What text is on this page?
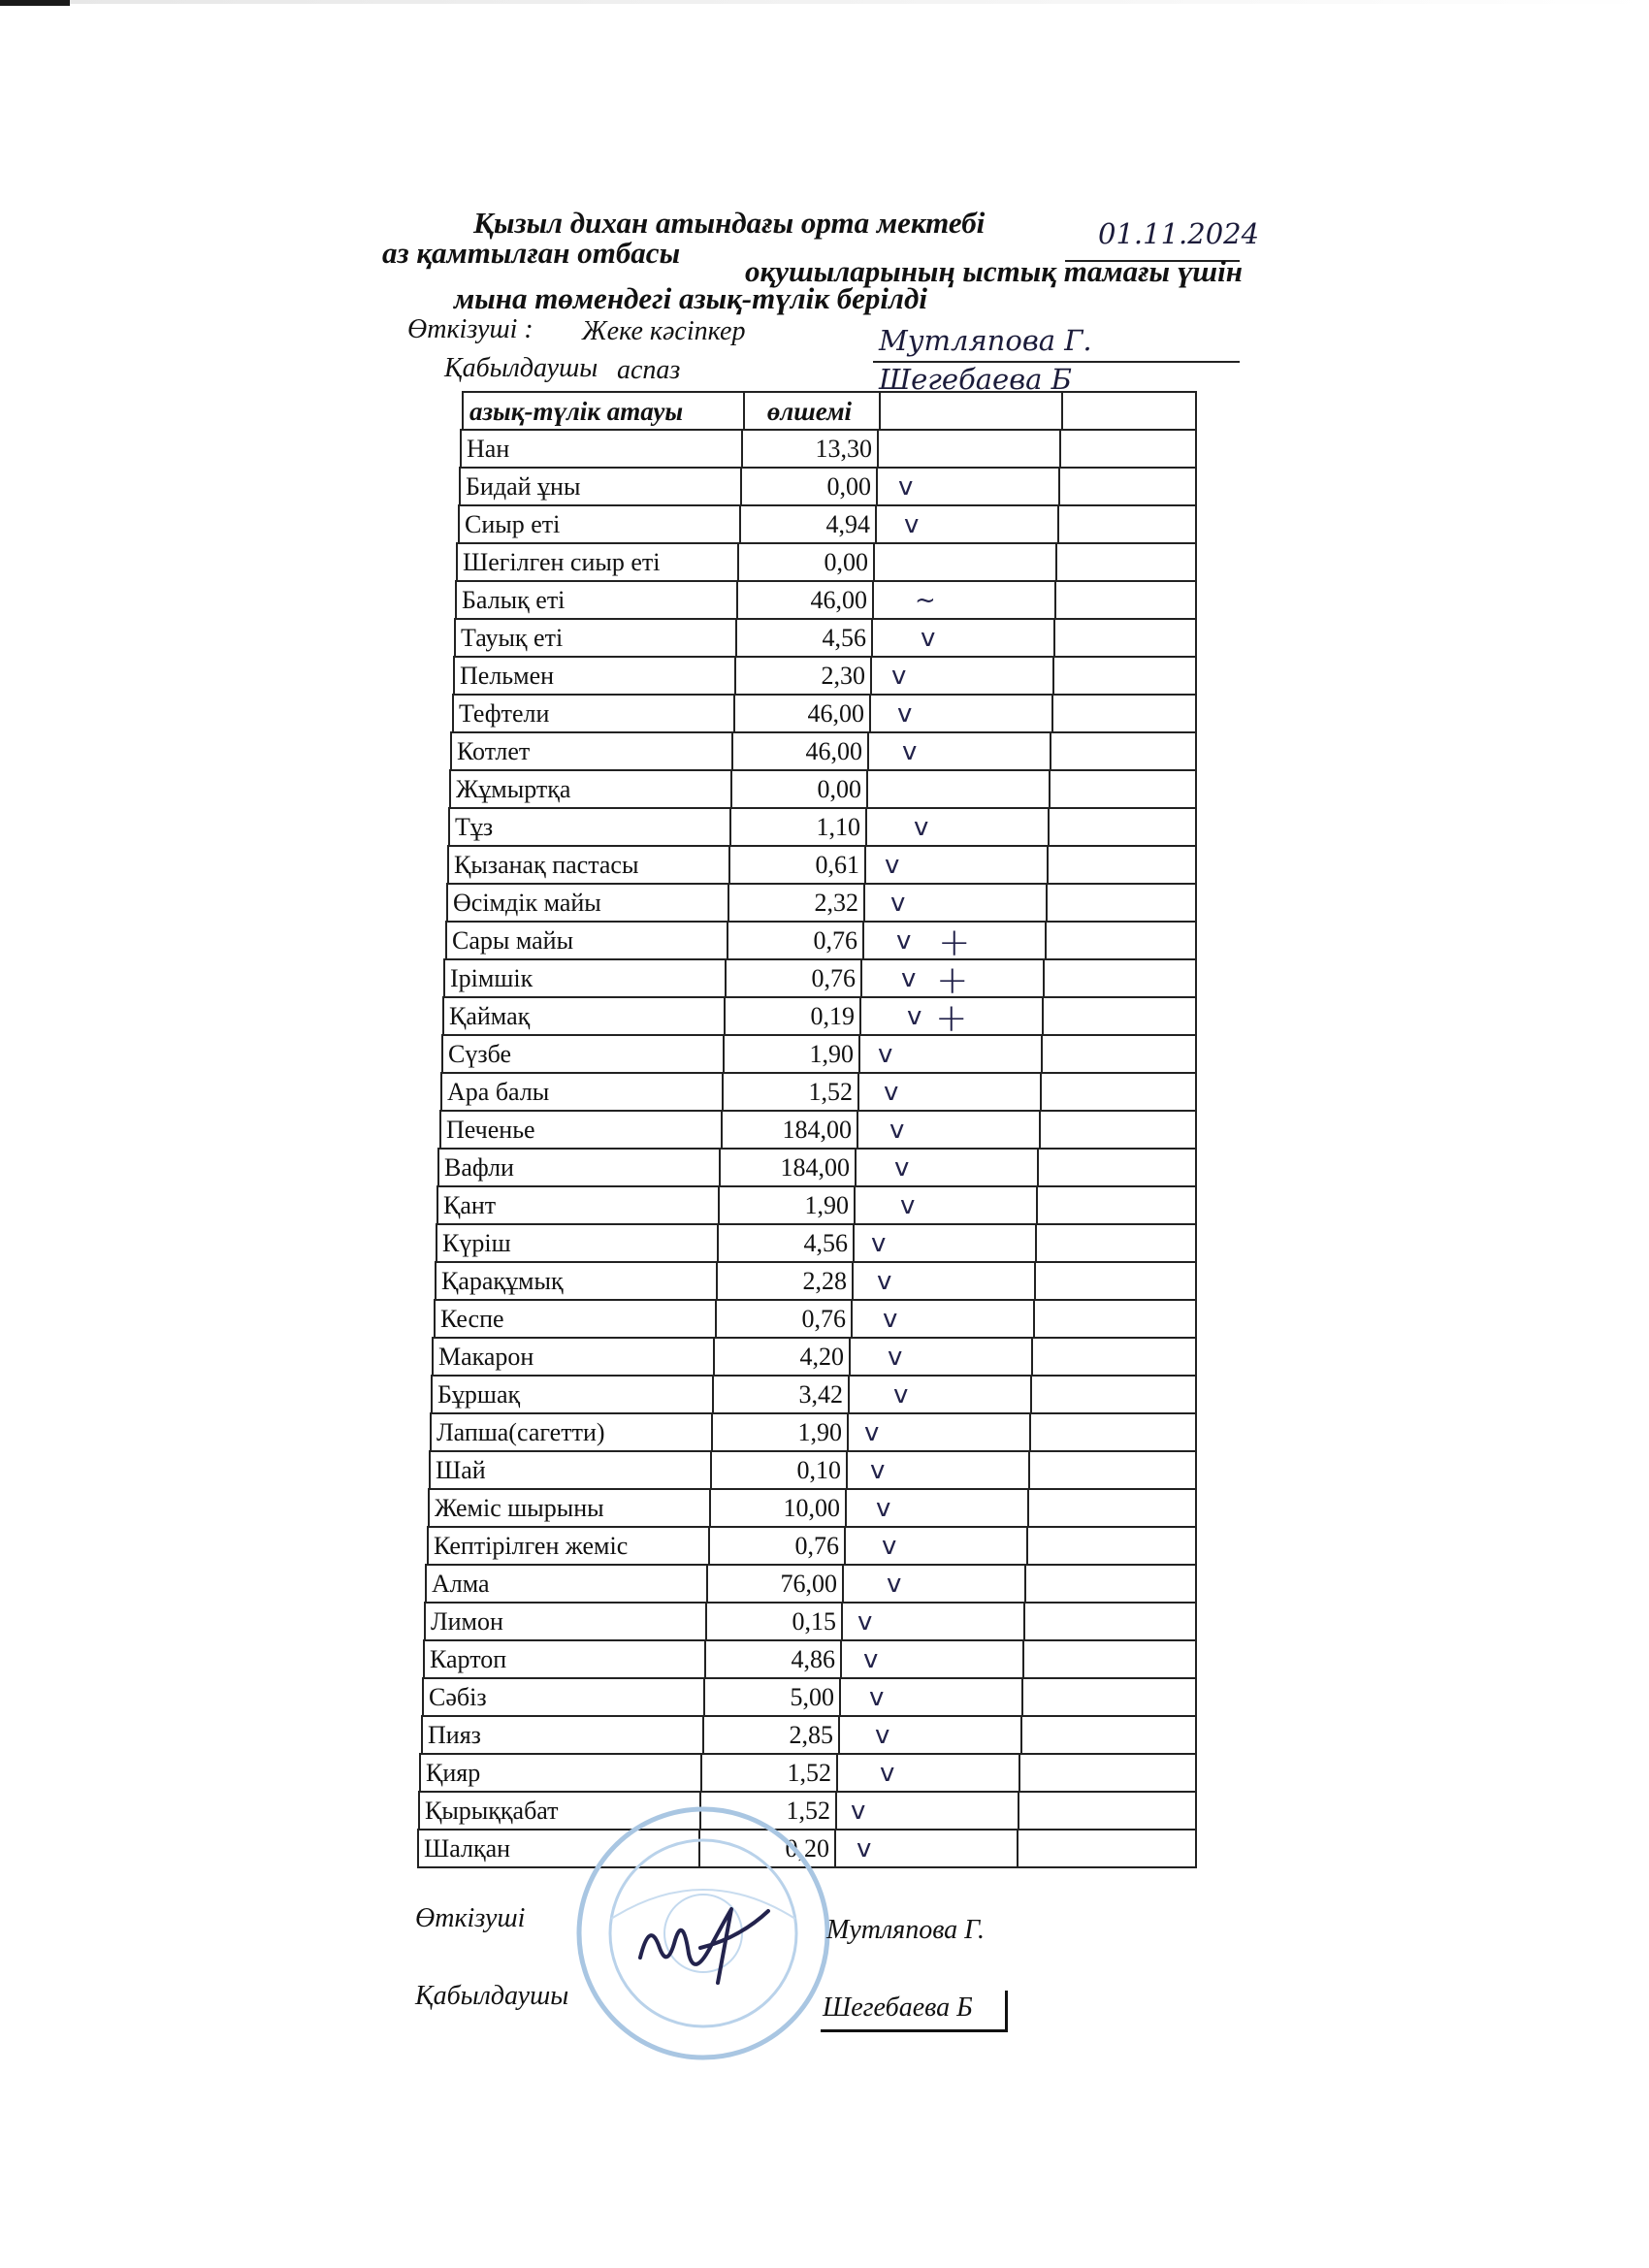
Қызыл дихан атындағы орта мектебі	01.11.2024
аз қамтылған отбасы
оқушыларының ыстық тамағы үшін
мына төмендегі азық-түлік берілді
Өткізуші : Жеке кәсіпкер	Мутляпова Г.
Қабылдаушы аспаз	Шегебаева Б
азық-түлік атауы	өлшемі
Нан	13,30
Бидай ұны	0,00 v
Сиыр еті	4,94 v
Шегілген сиыр еті	0,00
Балық еті	46,00 ~
Тауық еті	4,56 v
Пельмен	2,30 v
Тефтели	46,00 v
Котлет	46,00 v
Жұмыртқа	0,00
Тұз	1,10 v
Қызанақ пастасы	0,61 v
Өсімдік майы	2,32 v
Сары майы	0,76 v +
Ірімшік	0,76 v +
Қаймақ	0,19 v +
Сүзбе	1,90 v
Ара балы	1,52 v
Печенье	184,00 v
Вафли	184,00 v
Қант	1,90 v
Күріш	4,56 v
Қарақұмық	2,28 v
Кеспе	0,76 v
Макарон	4,20 v
Бұршақ	3,42 v
Лапша(сагетти)	1,90 v
Шай	0,10 v
Жеміс шырыны	10,00 v
Кептірілген жеміс	0,76 v
Алма	76,00 v
Лимон	0,15 v
Картоп	4,86 v
Сәбіз	5,00 v
Пияз	2,85 v
Қияр	1,52 v
Қырыққабат	1,52 v
Шалқан	0,20 v
Өткізуші	Мутляпова Г.
Қабылдаушы	Шегебаева Б
